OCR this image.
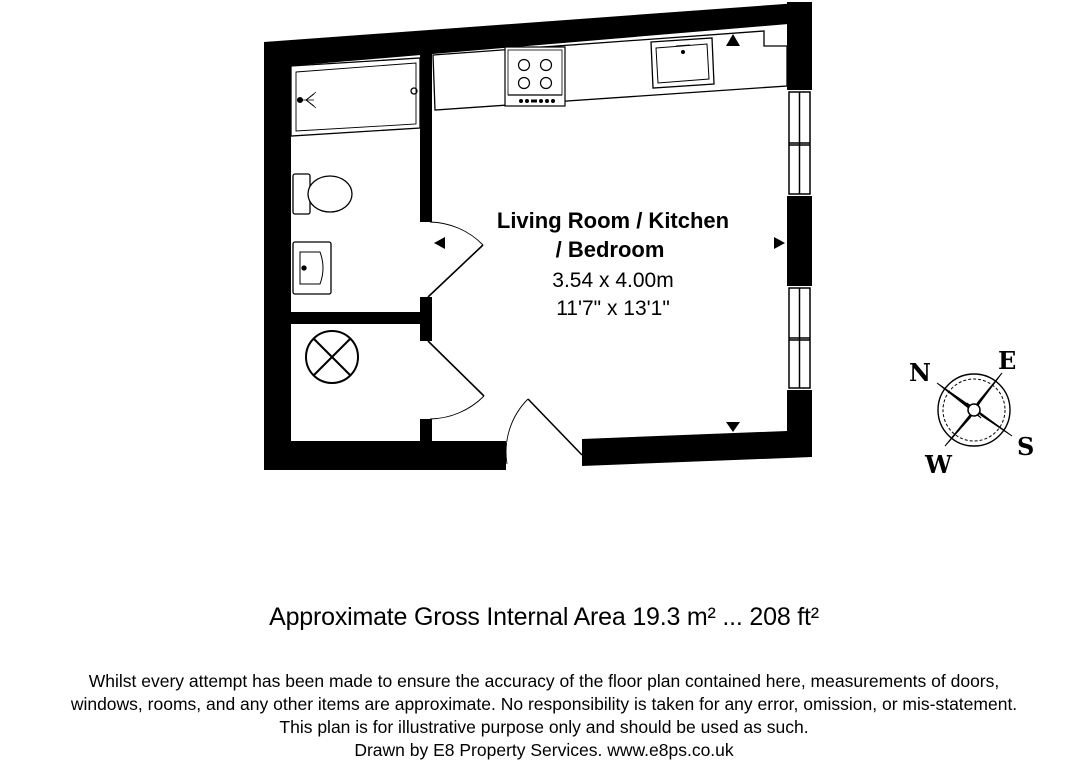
Living Room / Kitchen
/ Bedroom
3.54 x 4.00m
11'7" x 13'1"
N	E
S
W
Approximate Gross Internal Area 19.3 m² ... 208 ft²
Whilst every attempt has been made to ensure the accuracy of the floor plan contained here, measurements of doors,
windows, rooms, and any other items are approximate. No responsibility is taken for any error, omission, or mis-statement.
This plan is for illustrative purpose only and should be used as such.
Drawn by E8 Property Services. www.e8ps.co.uk
